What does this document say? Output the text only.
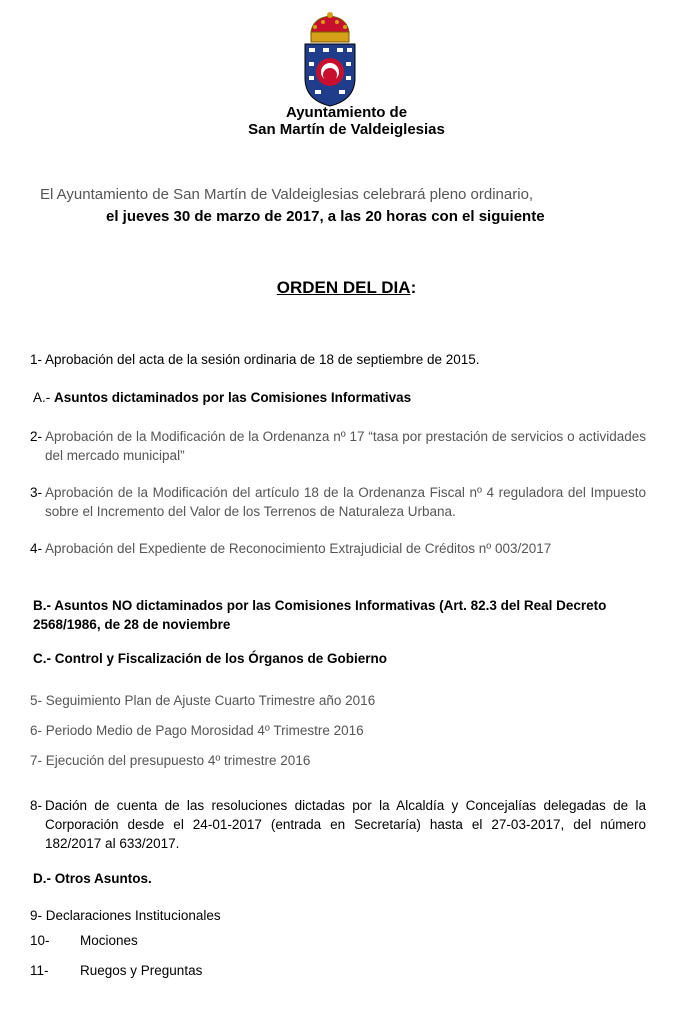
Ayuntamiento de
San Martín de Valdeiglesias
El Ayuntamiento de San Martín de Valdeiglesias celebrará pleno ordinario,
el jueves 30 de marzo de 2017, a las 20 horas con el siguiente
ORDEN DEL DIA:
1- Aprobación del acta de la sesión ordinaria de 18 de septiembre de 2015.
A.- Asuntos dictaminados por las Comisiones Informativas
2- Aprobación de la Modificación de la Ordenanza nº 17 “tasa por prestación de servicios o actividades del mercado municipal”
3- Aprobación de la Modificación del artículo 18 de la Ordenanza Fiscal nº 4 reguladora del Impuesto sobre el Incremento del Valor de los Terrenos de Naturaleza Urbana.
4- Aprobación del Expediente de Reconocimiento Extrajudicial de Créditos nº 003/2017
B.- Asuntos NO dictaminados por las Comisiones Informativas (Art. 82.3 del Real Decreto 2568/1986, de 28 de noviembre
C.- Control y Fiscalización de los Órganos de Gobierno
5- Seguimiento Plan de Ajuste Cuarto Trimestre año 2016
6- Periodo Medio de Pago Morosidad 4º Trimestre 2016
7- Ejecución del presupuesto 4º trimestre 2016
8- Dación de cuenta de las resoluciones dictadas por la Alcaldía y Concejalías delegadas de la Corporación desde el 24-01-2017 (entrada en Secretaría) hasta el 27-03-2017, del número 182/2017 al 633/2017.
D.- Otros Asuntos.
9- Declaraciones Institucionales
10- Mociones
11- Ruegos y Preguntas
